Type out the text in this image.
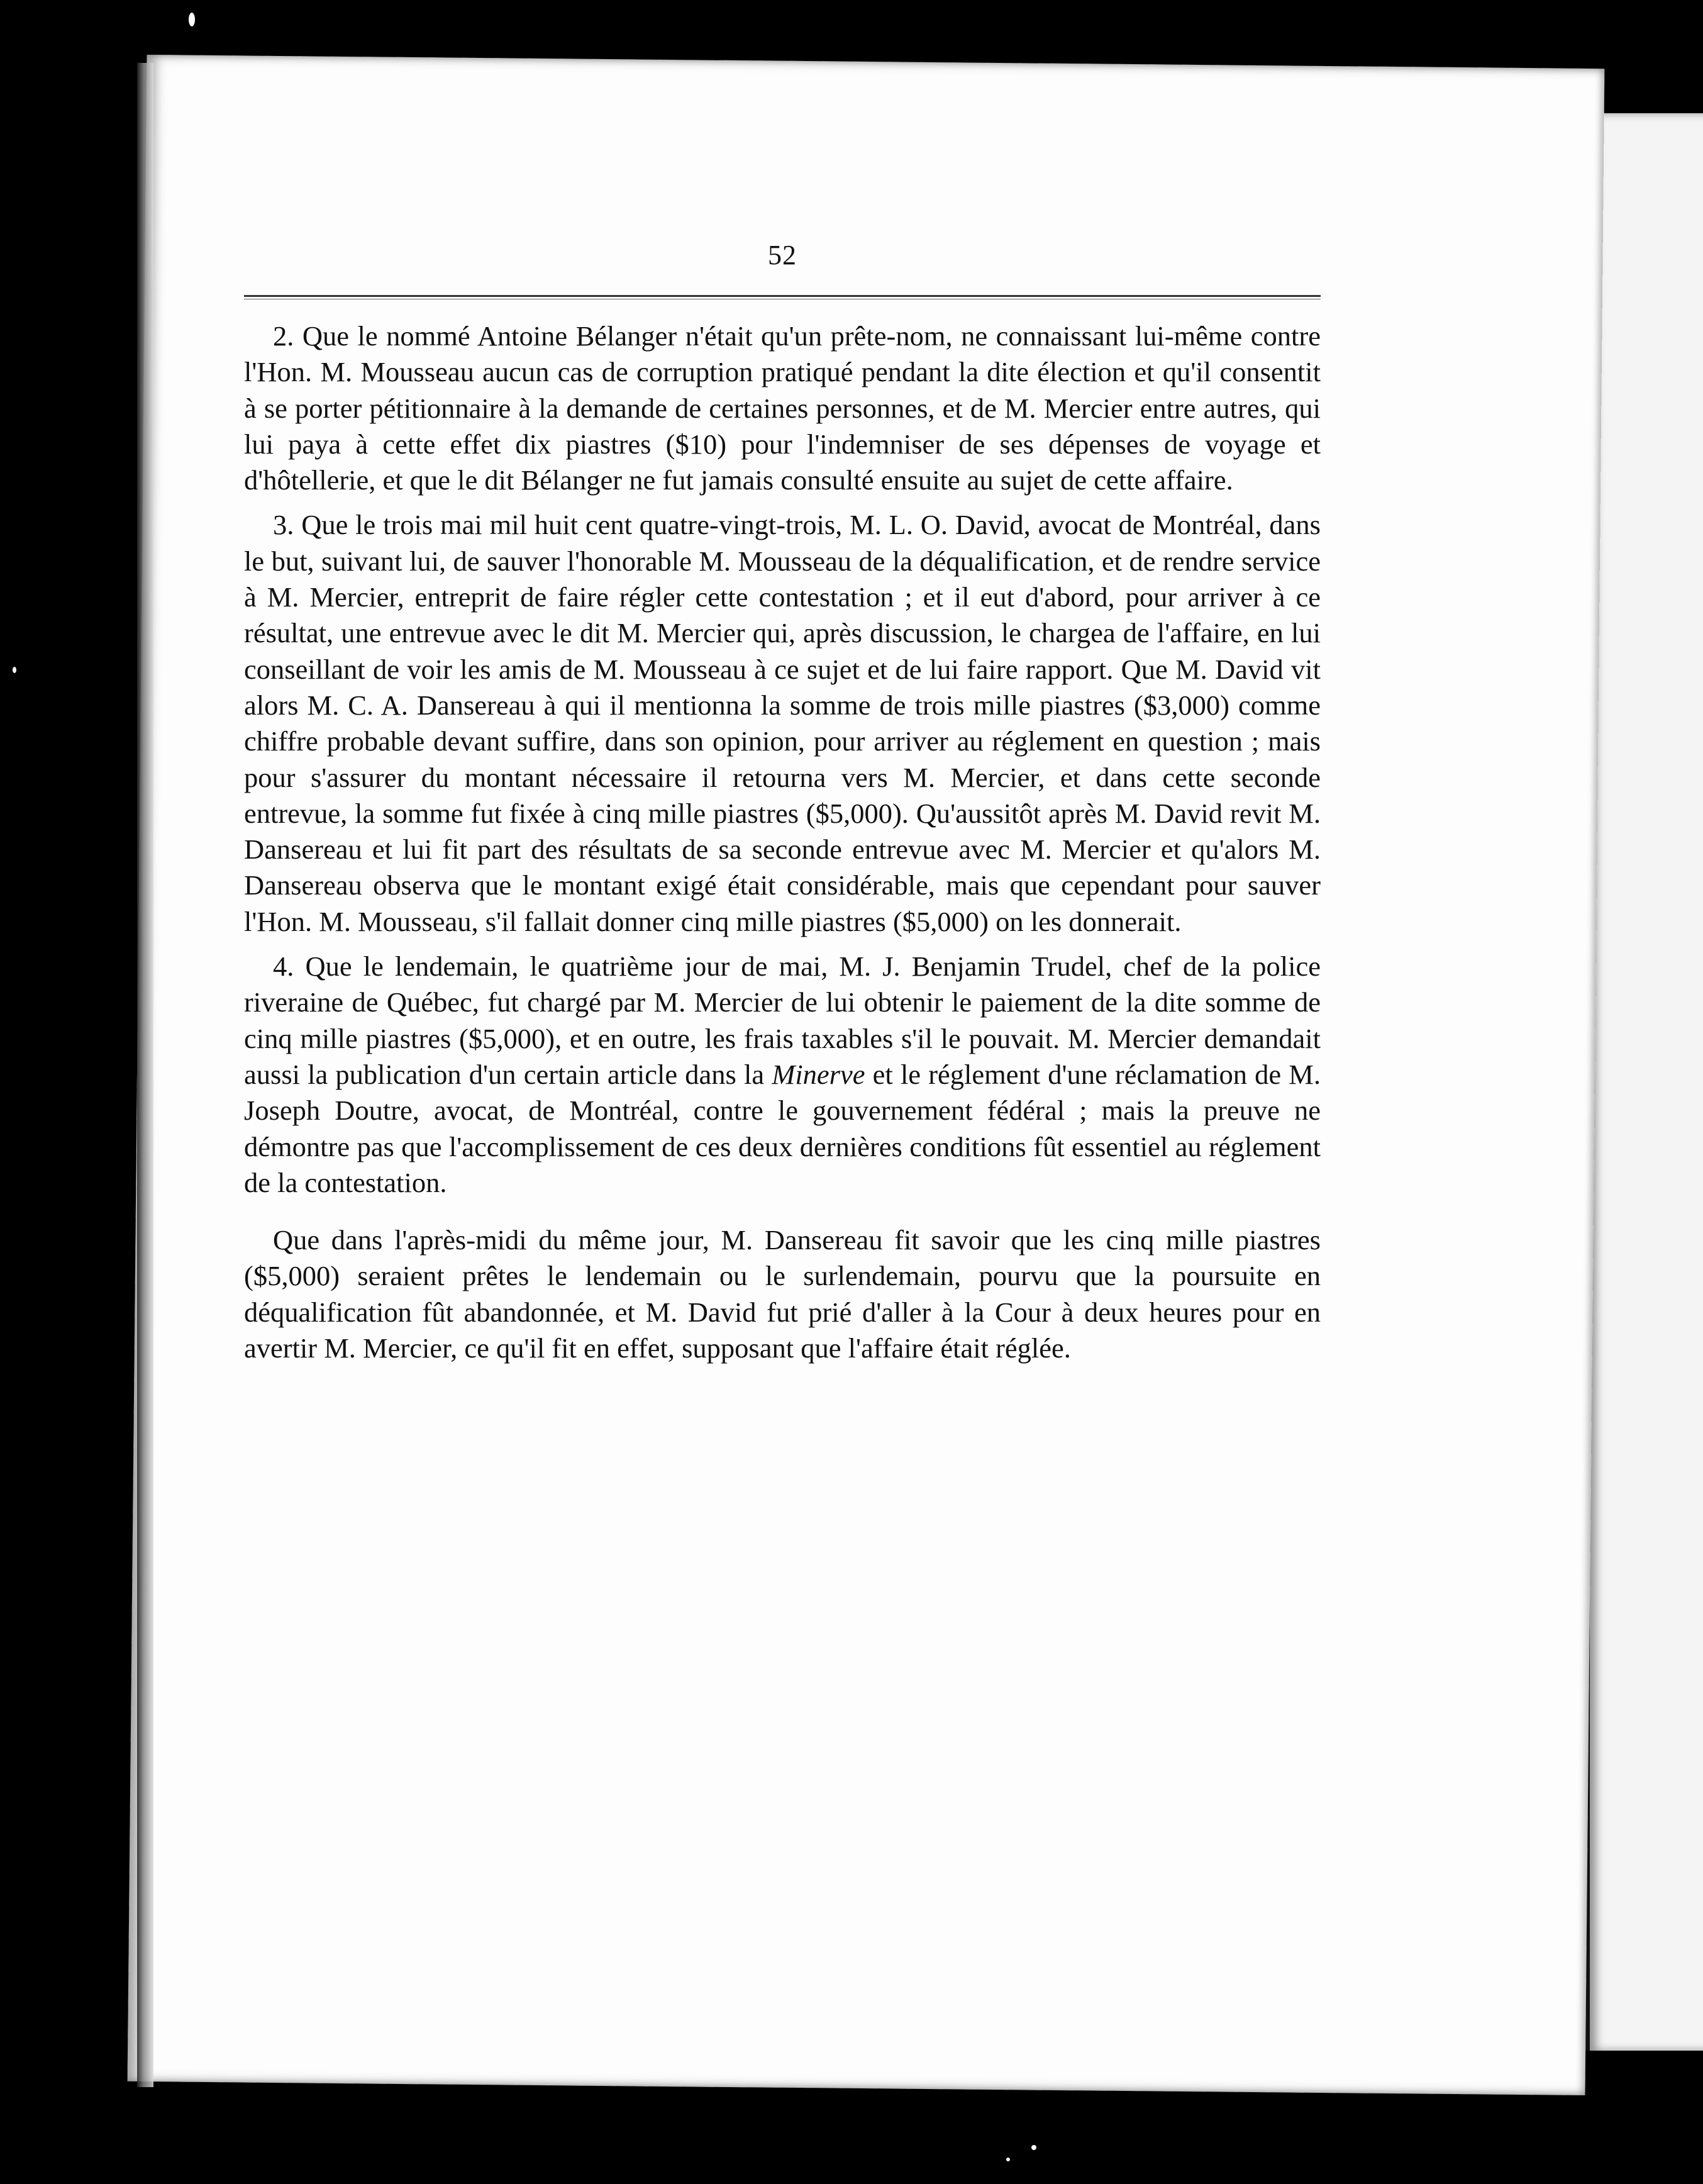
52

2. Que le nommé Antoine Bélanger n'était qu'un prête-nom, ne connaissant lui-même contre l'Hon. M. Mousseau aucun cas de corruption pratiqué pendant la dite élection et qu'il consentit à se porter pétitionnaire à la demande de certaines personnes, et de M. Mercier entre autres, qui lui paya à cette effet dix piastres ($10) pour l'indemniser de ses dépenses de voyage et d'hôtellerie, et que le dit Bélanger ne fut jamais consulté ensuite au sujet de cette affaire.

3. Que le trois mai mil huit cent quatre-vingt-trois, M. L. O. David, avocat de Montréal, dans le but, suivant lui, de sauver l'honorable M. Mousseau de la déqualification, et de rendre service à M. Mercier, entreprit de faire régler cette contestation ; et il eut d'abord, pour arriver à ce résultat, une entrevue avec le dit M. Mercier qui, après discussion, le chargea de l'affaire, en lui conseillant de voir les amis de M. Mousseau à ce sujet et de lui faire rapport. Que M. David vit alors M. C. A. Dansereau à qui il mentionna la somme de trois mille piastres ($3,000) comme chiffre probable devant suffire, dans son opinion, pour arriver au réglement en question ; mais pour s'assurer du montant nécessaire il retourna vers M. Mercier, et dans cette seconde entrevue, la somme fut fixée à cinq mille piastres ($5,000). Qu'aussitôt après M. David revit M. Dansereau et lui fit part des résultats de sa seconde entrevue avec M. Mercier et qu'alors M. Dansereau observa que le montant exigé était considérable, mais que cependant pour sauver l'Hon. M. Mousseau, s'il fallait donner cinq mille piastres ($5,000) on les donnerait.

4. Que le lendemain, le quatrième jour de mai, M. J. Benjamin Trudel, chef de la police riveraine de Québec, fut chargé par M. Mercier de lui obtenir le paiement de la dite somme de cinq mille piastres ($5,000), et en outre, les frais taxables s'il le pouvait. M. Mercier demandait aussi la publication d'un certain article dans la Minerve et le réglement d'une réclamation de M. Joseph Doutre, avocat, de Montréal, contre le gouvernement fédéral ; mais la preuve ne démontre pas que l'accomplissement de ces deux dernières conditions fût essentiel au réglement de la contestation.

Que dans l'après-midi du même jour, M. Dansereau fit savoir que les cinq mille piastres ($5,000) seraient prêtes le lendemain ou le surlendemain, pourvu que la poursuite en déqualification fût abandonnée, et M. David fut prié d'aller à la Cour à deux heures pour en avertir M. Mercier, ce qu'il fit en effet, supposant que l'affaire était réglée.
